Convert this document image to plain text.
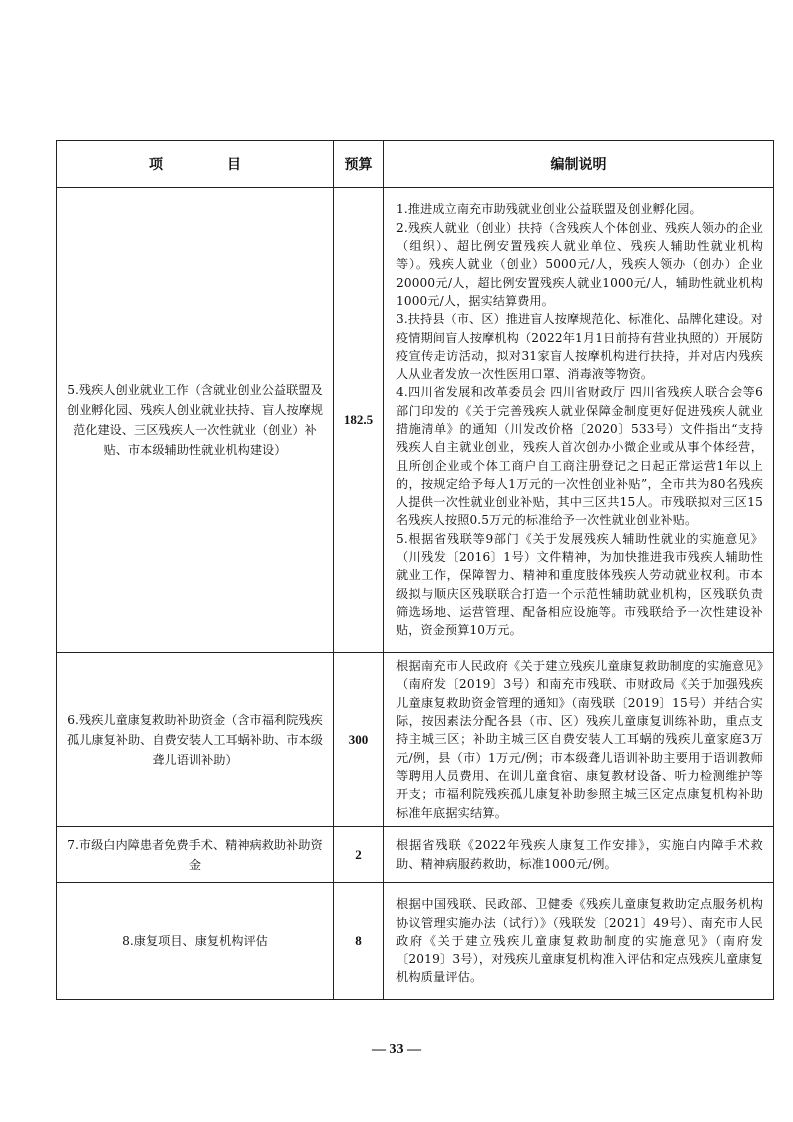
项 目	预算	编制说明
5.残疾人创业就业工作（含就业创业公益联盟及创业孵化园、残疾人创业就业扶持、盲人按摩规范化建设、三区残疾人一次性就业（创业）补贴、市本级辅助性就业机构建设）	182.5	1.推进成立南充市助残就业创业公益联盟及创业孵化园。

2.残疾人就业（创业）扶持（含残疾人个体创业、残疾人领办的企业（组织）、超比例安置残疾人就业单位、残疾人辅助性就业机构等）。残疾人就业（创业）5000元/人，残疾人领办（创办）企业20000元/人，超比例安置残疾人就业1000元/人，辅助性就业机构1000元/人，据实结算费用。

3.扶持县（市、区）推进盲人按摩规范化、标准化、品牌化建设。对疫情期间盲人按摩机构（2022年1月1日前持有营业执照的）开展防疫宣传走访活动，拟对31家盲人按摩机构进行扶持，并对店内残疾人从业者发放一次性医用口罩、消毒液等物资。

4.四川省发展和改革委员会 四川省财政厅 四川省残疾人联合会等6部门印发的《关于完善残疾人就业保障金制度更好促进残疾人就业措施清单》的通知（川发改价格〔2020〕533号）文件指出“支持残疾人自主就业创业，残疾人首次创办小微企业或从事个体经营，且所创企业或个体工商户自工商注册登记之日起正常运营1年以上的，按规定给予每人1万元的一次性创业补贴”，全市共为80名残疾人提供一次性就业创业补贴，其中三区共15人。市残联拟对三区15名残疾人按照0.5万元的标准给予一次性就业创业补贴。

5.根据省残联等9部门《关于发展残疾人辅助性就业的实施意见》（川残发〔2016〕1号）文件精神，为加快推进我市残疾人辅助性就业工作，保障智力、精神和重度肢体残疾人劳动就业权利。市本级拟与顺庆区残联联合打造一个示范性辅助就业机构，区残联负责筛选场地、运营管理、配备相应设施等。市残联给予一次性建设补贴，资金预算10万元。

6.残疾儿童康复救助补助资金（含市福利院残疾孤儿康复补助、自费安装人工耳蜗补助、市本级聋儿语训补助）	300	根据南充市人民政府《关于建立残疾儿童康复救助制度的实施意见》（南府发〔2019〕3号）和南充市残联、市财政局《关于加强残疾儿童康复救助资金管理的通知》（南残联〔2019〕15号）并结合实际，按因素法分配各县（市、区）残疾儿童康复训练补助，重点支持主城三区；补助主城三区自费安装人工耳蜗的残疾儿童家庭3万元/例，县（市）1万元/例；市本级聋儿语训补助主要用于语训教师等聘用人员费用、在训儿童食宿、康复教材设备、听力检测维护等开支；市福利院残疾孤儿康复补助参照主城三区定点康复机构补助标准年底据实结算。

7.市级白内障患者免费手术、精神病救助补助资金	2	根据省残联《2022年残疾人康复工作安排》，实施白内障手术救助、精神病服药救助，标准1000元/例。

8.康复项目、康复机构评估	8	根据中国残联、民政部、卫健委《残疾儿童康复救助定点服务机构协议管理实施办法（试行）》（残联发〔2021〕49号）、南充市人民政府《关于建立残疾儿童康复救助制度的实施意见》（南府发〔2019〕3号），对残疾儿童康复机构准入评估和定点残疾儿童康复机构质量评估。

— 33 —
